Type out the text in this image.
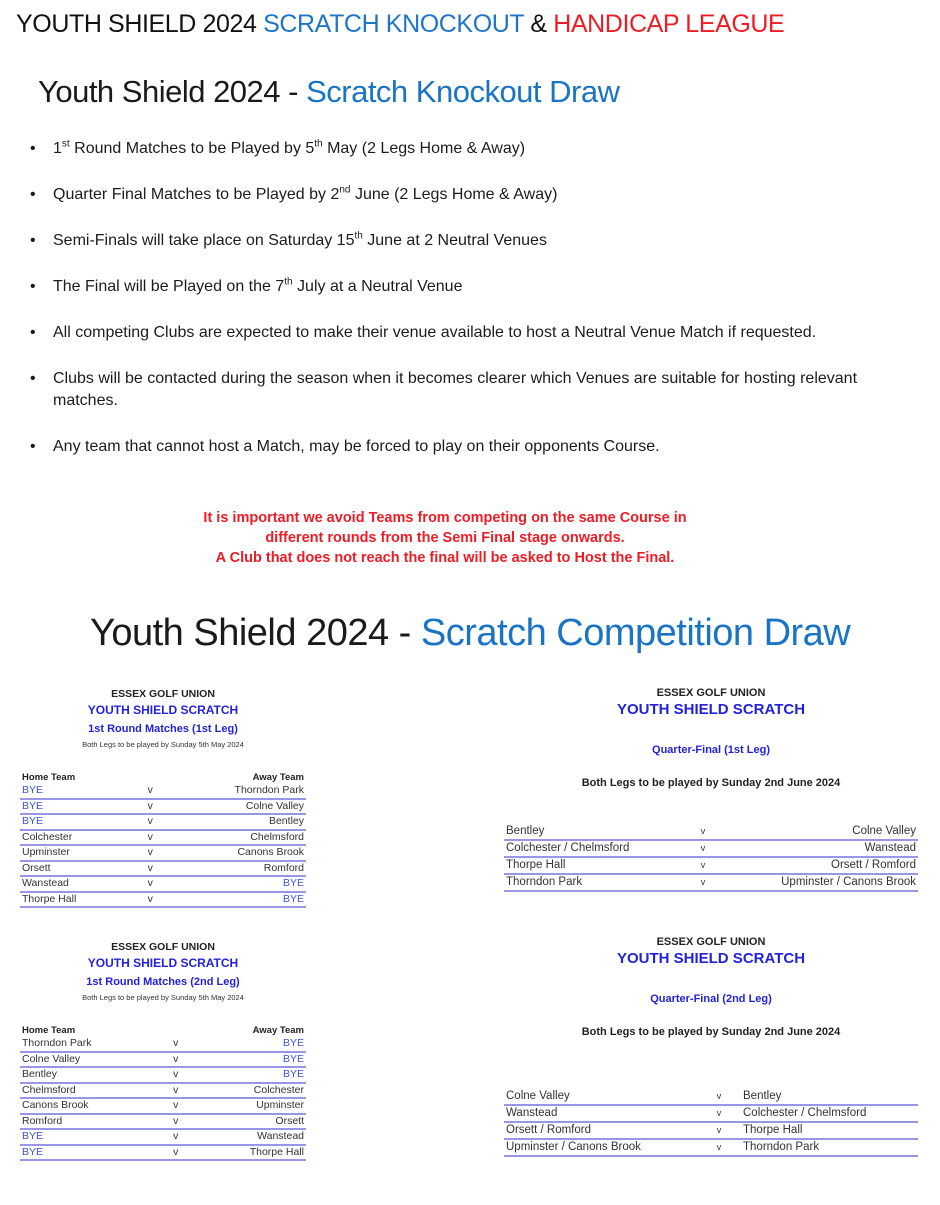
YOUTH SHIELD 2024 SCRATCH KNOCKOUT & HANDICAP LEAGUE
Youth Shield 2024 - Scratch Knockout Draw
• 1st Round Matches to be Played by 5th May (2 Legs Home & Away)
• Quarter Final Matches to be Played by 2nd June (2 Legs Home & Away)
• Semi-Finals will take place on Saturday 15th June at 2 Neutral Venues
• The Final will be Played on the 7th July at a Neutral Venue
• All competing Clubs are expected to make their venue available to host a Neutral Venue Match if requested.
• Clubs will be contacted during the season when it becomes clearer which Venues are suitable for hosting relevant matches.
• Any team that cannot host a Match, may be forced to play on their opponents Course.
It is important we avoid Teams from competing on the same Course in
different rounds from the Semi Final stage onwards.
A Club that does not reach the final will be asked to Host the Final.
Youth Shield 2024 - Scratch Competition Draw
ESSEX GOLF UNION
YOUTH SHIELD SCRATCH
1st Round Matches (1st Leg)
Both Legs to be played by Sunday 5th May 2024
Home Team		Away Team
BYE	v	Thorndon Park
BYE	v	Colne Valley
BYE	v	Bentley
Colchester	v	Chelmsford
Upminster	v	Canons Brook
Orsett	v	Romford
Wanstead	v	BYE
Thorpe Hall	v	BYE
ESSEX GOLF UNION
YOUTH SHIELD SCRATCH
1st Round Matches (2nd Leg)
Both Legs to be played by Sunday 5th May 2024
Home Team		Away Team
Thorndon Park	v	BYE
Colne Valley	v	BYE
Bentley	v	BYE
Chelmsford	v	Colchester
Canons Brook	v	Upminster
Romford	v	Orsett
BYE	v	Wanstead
BYE	v	Thorpe Hall
ESSEX GOLF UNION
YOUTH SHIELD SCRATCH
Quarter-Final (1st Leg)
Both Legs to be played by Sunday 2nd June 2024
Bentley	v	Colne Valley
Colchester / Chelmsford	v	Wanstead
Thorpe Hall	v	Orsett / Romford
Thorndon Park	v	Upminster / Canons Brook
ESSEX GOLF UNION
YOUTH SHIELD SCRATCH
Quarter-Final (2nd Leg)
Both Legs to be played by Sunday 2nd June 2024
Colne Valley	v	Bentley
Wanstead	v	Colchester / Chelmsford
Orsett / Romford	v	Thorpe Hall
Upminster / Canons Brook	v	Thorndon Park
